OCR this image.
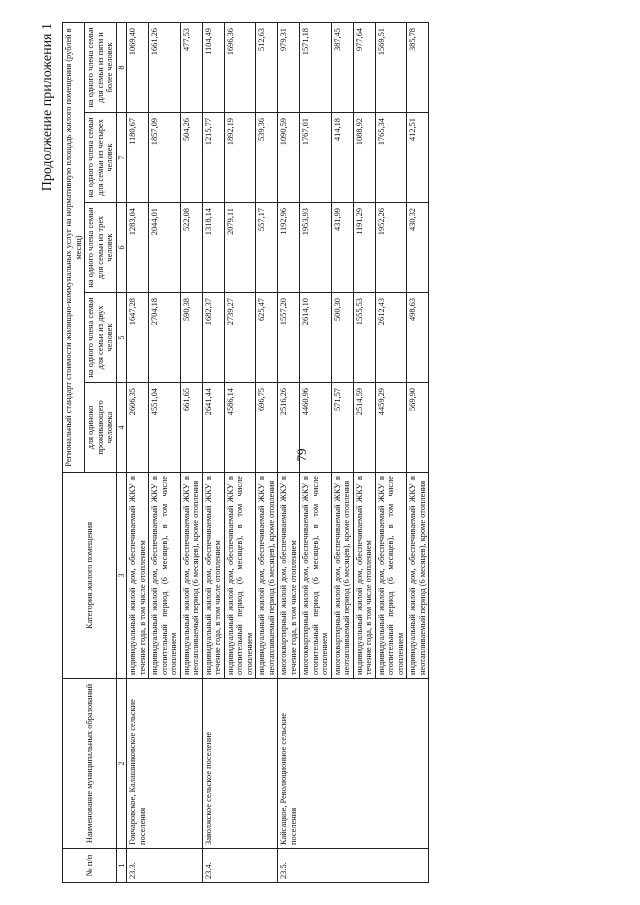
79
Продолжение приложения 1
№ п/п	Наименование муниципальных образований	Категория жилого помещения	Региональный стандарт стоимости жилищно-коммунальных услуг на нормативную площадь жилого помещения (рублей в месяц)				
			для одиноко проживающего человека	на одного члена семьи для семьи из двух человек	на одного члена семьи для семьи из трех человек	на одного члена семьи для семьи из четырех человек	на одного члена семьи для семьи из пяти и более человек
1	2	3	4	5	6	7	8
23.3.	Гончаровское, Калашниковское сельские поселения	индивидуальный жилой дом, обеспечиваемый ЖКУ в течение года, в том числе отоплением	2606,35	1647,28	1283,04	1180,67	1069,40
		индивидуальный жилой дом, обеспечиваемый ЖКУ в отопительный период (6 месяцев), в том числе отоплением	4551,04	2704,18	2044,01	1857,09	1661,26
		индивидуальный жилой дом, обеспечиваемый ЖКУ в неотапливаемый период (6 месяцев), кроме отопления	661,65	590,38	522,08	504,26	477,53
23.4.	Заволжское сельское поселение	индивидуальный жилой дом, обеспечиваемый ЖКУ в течение года, в том числе отоплением	2641,44	1682,37	1318,14	1215,77	1104,49
		индивидуальный жилой дом, обеспечиваемый ЖКУ в отопительный период (6 месяцев), в том числе отоплением	4586,14	2739,27	2079,11	1892,19	1696,36
		индивидуальный жилой дом, обеспечиваемый ЖКУ в неотапливаемый период (6 месяцев), кроме отопления	696,75	625,47	557,17	539,36	512,63
23.5.	Кайсацкое, Революционное сельские поселения	многоквартирный жилой дом, обеспечиваемый ЖКУ в течение года, в том числе отоплением	2516,26	1557,20	1192,96	1090,59	979,31
		многоквартирный жилой дом, обеспечиваемый ЖКУ в отопительный период (6 месяцев), в том числе отоплением	4460,96	2614,10	1953,93	1767,01	1571,18
		многоквартирный жилой дом, обеспечиваемый ЖКУ в неотапливаемый период (6 месяцев), кроме отопления	571,57	500,30	431,99	414,18	387,45
		индивидуальный жилой дом, обеспечиваемый ЖКУ в течение года, в том числе отоплением	2514,59	1555,53	1191,29	1088,92	977,64
		индивидуальный жилой дом, обеспечиваемый ЖКУ в отопительный период (6 месяцев), в том числе отоплением	4459,29	2612,43	1952,26	1765,34	1569,51
		индивидуальный жилой дом, обеспечиваемый ЖКУ в неотапливаемый период (6 месяцев), кроме отопления	569,90	498,63	430,32	412,51	385,78
